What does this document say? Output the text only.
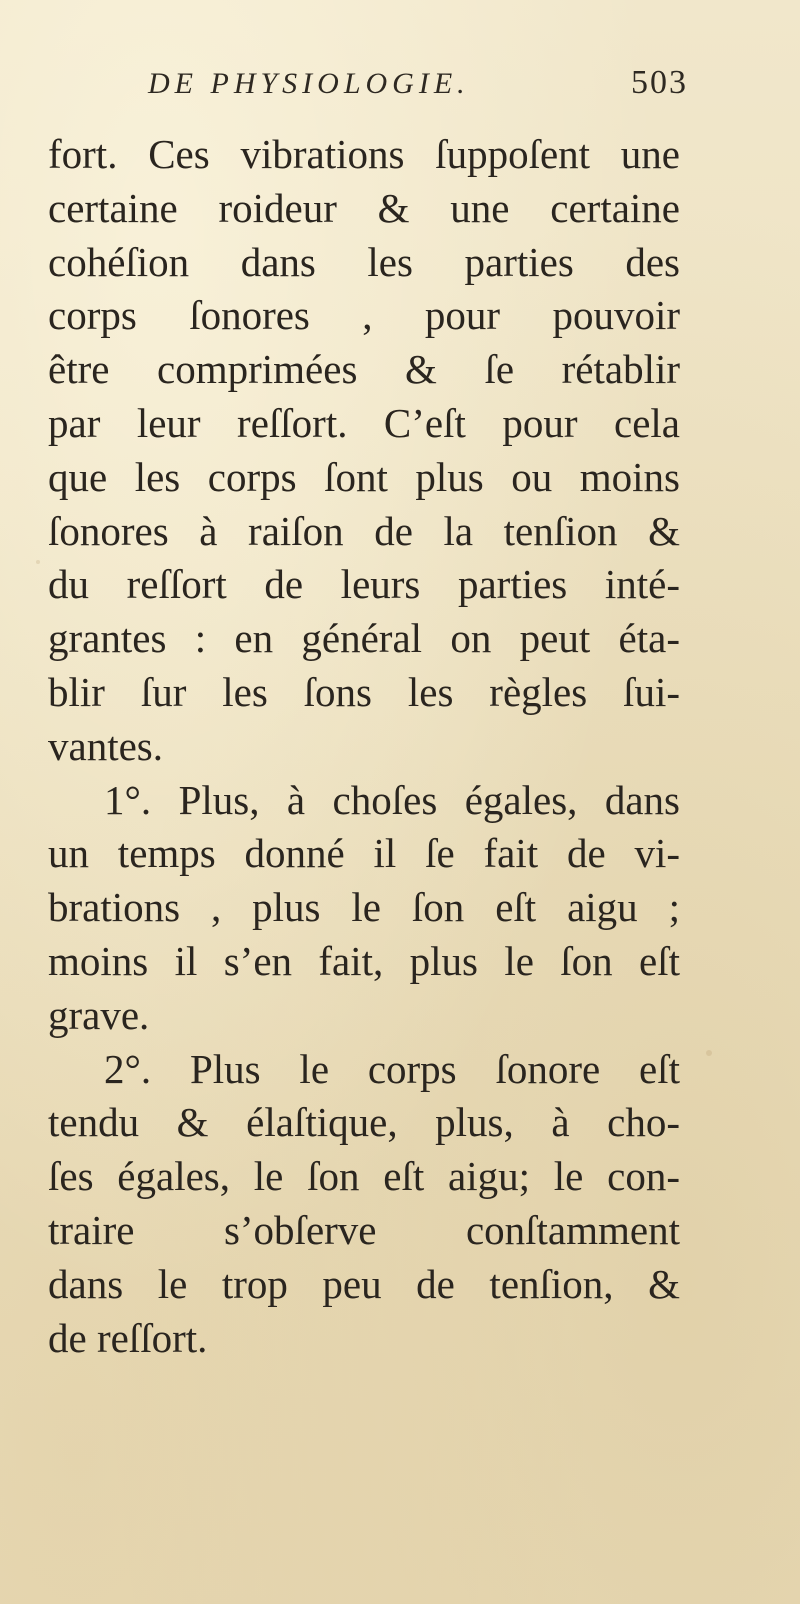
DE PHYSIOLOGIE.	503
fort. Ces vibrations ſuppoſent une
certaine roideur & une certaine
cohéſion dans les parties des
corps ſonores , pour pouvoir
être comprimées & ſe rétablir
par leur reſſort. C’eſt pour cela
que les corps ſont plus ou moins
ſonores à raiſon de la tenſion &
du reſſort de leurs parties inté-
grantes : en général on peut éta-
blir ſur les ſons les règles ſui-
vantes.
1°. Plus, à choſes égales, dans
un temps donné il ſe fait de vi-
brations , plus le ſon eſt aigu ;
moins il s’en fait, plus le ſon eſt
grave.
2°. Plus le corps ſonore eſt
tendu & élaſtique, plus, à cho-
ſes égales, le ſon eſt aigu; le con-
traire s’obſerve conſtamment
dans le trop peu de tenſion, &
de reſſort.
